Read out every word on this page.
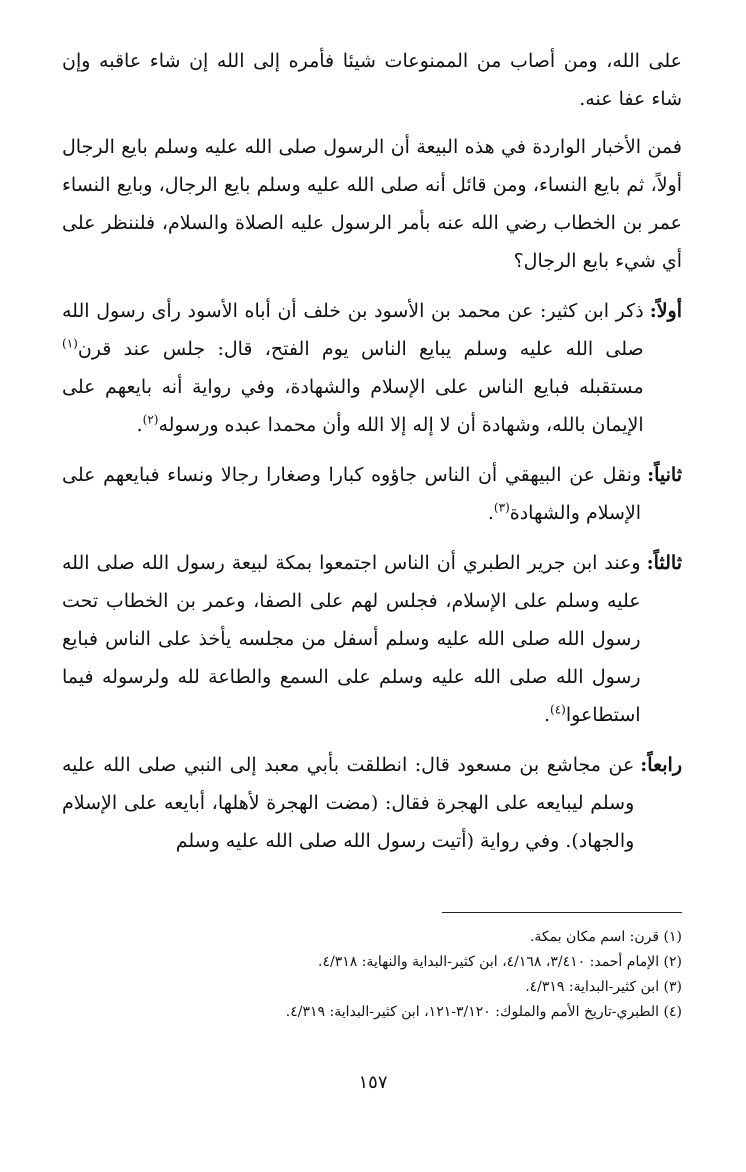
على الله، ومن أصاب من الممنوعات شيئا فأمره إلى الله إن شاء عاقبه وإن شاء عفا عنه.

فمن الأخبار الواردة في هذه البيعة أن الرسول صلى الله عليه وسلم بايع الرجال أولاً، ثم بايع النساء، ومن قائل أنه صلى الله عليه وسلم بايع الرجال، وبايع النساء عمر بن الخطاب رضي الله عنه بأمر الرسول عليه الصلاة والسلام، فلننظر على أي شيء بايع الرجال؟

أولاً:
ذكر ابن كثير: عن محمد بن الأسود بن خلف أن أباه الأسود رأى رسول الله صلى الله عليه وسلم يبايع الناس يوم الفتح، قال: جلس عند قرن$^{(١)}$ مستقبله فبايع الناس على الإسلام والشهادة، وفي رواية أنه بايعهم على الإيمان بالله، وشهادة أن لا إله إلا الله وأن محمدا عبده ورسوله$^{(٢)}$.
ثانياً:
ونقل عن البيهقي أن الناس جاؤوه كبارا وصغارا رجالا ونساء فبايعهم على الإسلام والشهادة$^{(٣)}$.
ثالثاً:
وعند ابن جرير الطبري أن الناس اجتمعوا بمكة لبيعة رسول الله صلى الله عليه وسلم على الإسلام، فجلس لهم على الصفا، وعمر بن الخطاب تحت رسول الله صلى الله عليه وسلم أسفل من مجلسه يأخذ على الناس فبايع رسول الله صلى الله عليه وسلم على السمع والطاعة لله ولرسوله فيما استطاعوا$^{(٤)}$.
رابعاً:
عن مجاشع بن مسعود قال: انطلقت بأبي معبد إلى النبي صلى الله عليه وسلم ليبايعه على الهجرة فقال: (مضت الهجرة لأهلها، أبايعه على الإسلام والجهاد). وفي رواية (أتيت رسول الله صلى الله عليه وسلم

(١) قرن: اسم مكان بمكة.

(٢) الإمام أحمد: ٣/٤١٠، ٤/١٦٨، ابن كثير-البداية والنهاية: ٤/٣١٨.

(٣) ابن كثير-البداية: ٤/٣١٩.

(٤) الطبري-تاريخ الأمم والملوك: ٣/١٢٠-١٢١، ابن كثير-البداية: ٤/٣١٩.

١٥٧
